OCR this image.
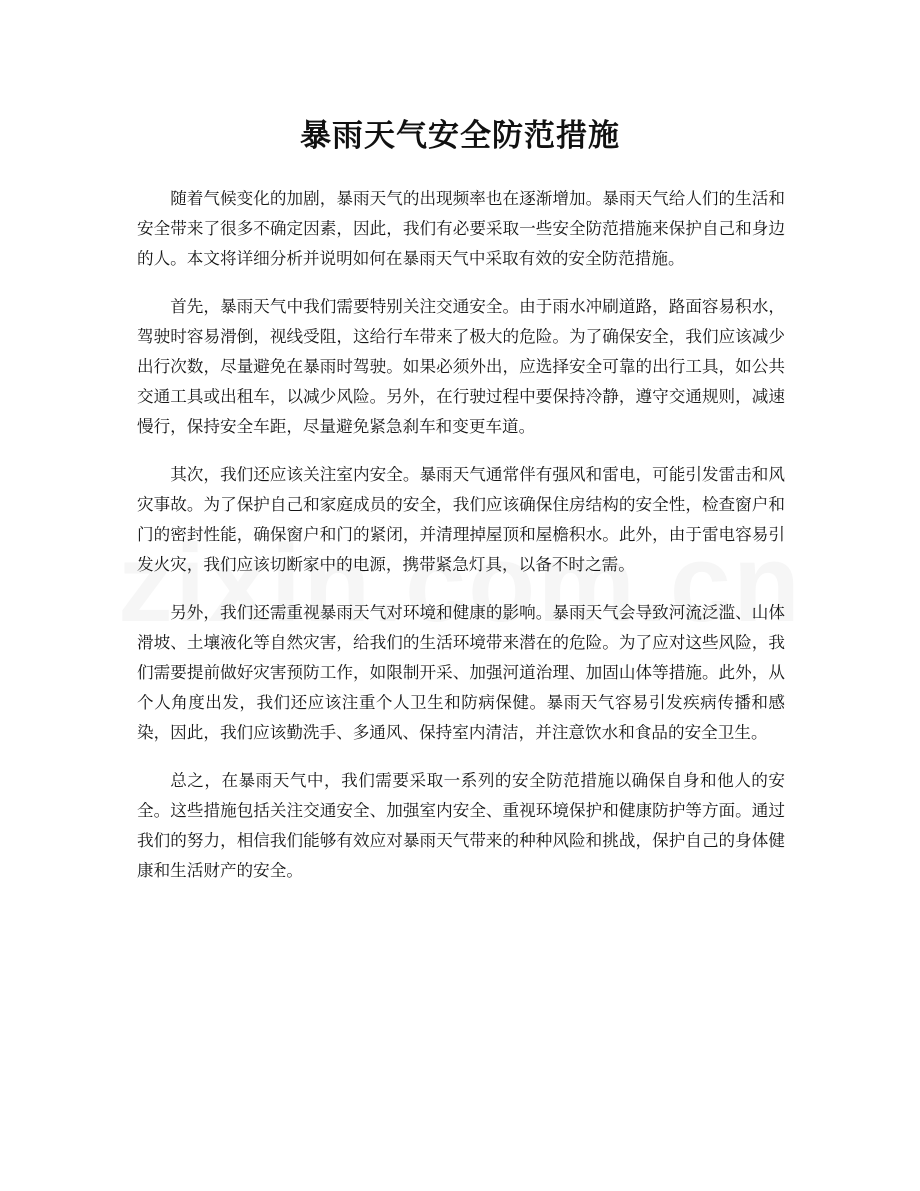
暴雨天气安全防范措施

随着气候变化的加剧，暴雨天气的出现频率也在逐渐增加。暴雨天气给人们的生活和安全带来了很多不确定因素，因此，我们有必要采取一些安全防范措施来保护自己和身边的人。本文将详细分析并说明如何在暴雨天气中采取有效的安全防范措施。

首先，暴雨天气中我们需要特别关注交通安全。由于雨水冲刷道路，路面容易积水，驾驶时容易滑倒，视线受阻，这给行车带来了极大的危险。为了确保安全，我们应该减少出行次数，尽量避免在暴雨时驾驶。如果必须外出，应选择安全可靠的出行工具，如公共交通工具或出租车，以减少风险。另外，在行驶过程中要保持冷静，遵守交通规则，减速慢行，保持安全车距，尽量避免紧急刹车和变更车道。

其次，我们还应该关注室内安全。暴雨天气通常伴有强风和雷电，可能引发雷击和风灾事故。为了保护自己和家庭成员的安全，我们应该确保住房结构的安全性，检查窗户和门的密封性能，确保窗户和门的紧闭，并清理掉屋顶和屋檐积水。此外，由于雷电容易引发火灾，我们应该切断家中的电源，携带紧急灯具，以备不时之需。

另外，我们还需重视暴雨天气对环境和健康的影响。暴雨天气会导致河流泛滥、山体滑坡、土壤液化等自然灾害，给我们的生活环境带来潜在的危险。为了应对这些风险，我们需要提前做好灾害预防工作，如限制开采、加强河道治理、加固山体等措施。此外，从个人角度出发，我们还应该注重个人卫生和防病保健。暴雨天气容易引发疾病传播和感染，因此，我们应该勤洗手、多通风、保持室内清洁，并注意饮水和食品的安全卫生。

总之，在暴雨天气中，我们需要采取一系列的安全防范措施以确保自身和他人的安全。这些措施包括关注交通安全、加强室内安全、重视环境保护和健康防护等方面。通过我们的努力，相信我们能够有效应对暴雨天气带来的种种风险和挑战，保护自己的身体健康和生活财产的安全。
